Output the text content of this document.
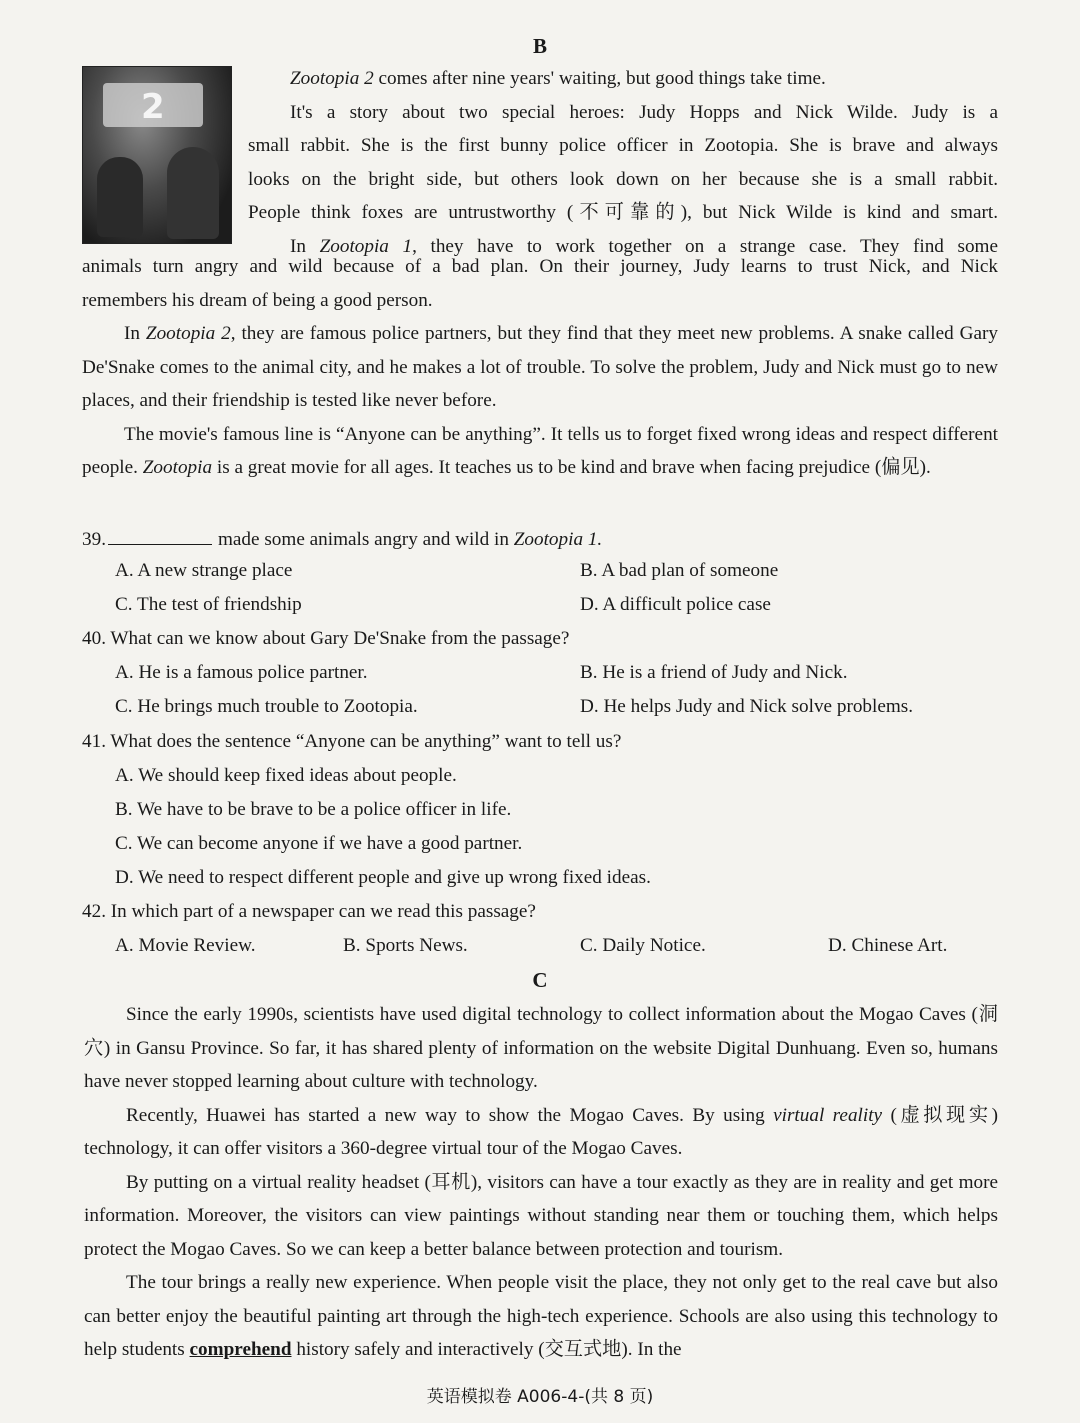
B
2

Zootopia 2 comes after nine years' waiting, but good things take time.

It's a story about two special heroes: Judy Hopps and Nick Wilde. Judy is a

small rabbit. She is the first bunny police officer in Zootopia. She is brave and always

looks on the bright side, but others look down on her because she is a small rabbit.

People think foxes are untrustworthy (不可靠的), but Nick Wilde is kind and smart.

In Zootopia 1, they have to work together on a strange case. They find some

animals turn angry and wild because of a bad plan. On their journey, Judy learns to trust Nick, and Nick

remembers his dream of being a good person.

In Zootopia 2, they are famous police partners, but they find that they meet new problems. A snake called Gary De'Snake comes to the animal city, and he makes a lot of trouble. To solve the problem, Judy and Nick must go to new places, and their friendship is tested like never before.

The movie's famous line is “Anyone can be anything”. It tells us to forget fixed wrong ideas and respect different people. Zootopia is a great movie for all ages. It teaches us to be kind and brave when facing prejudice (偏见).

39.	made some animals angry and wild in Zootopia 1.
A. A new strange place	B. A bad plan of someone
C. The test of friendship	D. A difficult police case
40. What can we know about Gary De'Snake from the passage?
A. He is a famous police partner.	B. He is a friend of Judy and Nick.
C. He brings much trouble to Zootopia.	D. He helps Judy and Nick solve problems.
41. What does the sentence “Anyone can be anything” want to tell us?
A. We should keep fixed ideas about people.
B. We have to be brave to be a police officer in life.
C. We can become anyone if we have a good partner.
D. We need to respect different people and give up wrong fixed ideas.
42. In which part of a newspaper can we read this passage?
A. Movie Review.	B. Sports News.	C. Daily Notice.	D. Chinese Art.
C

Since the early 1990s, scientists have used digital technology to collect information about the Mogao Caves (洞穴) in Gansu Province. So far, it has shared plenty of information on the website Digital Dunhuang. Even so, humans have never stopped learning about culture with technology.

Recently, Huawei has started a new way to show the Mogao Caves. By using virtual reality (虚拟现实) technology, it can offer visitors a 360-degree virtual tour of the Mogao Caves.

By putting on a virtual reality headset (耳机), visitors can have a tour exactly as they are in reality and get more information. Moreover, the visitors can view paintings without standing near them or touching them, which helps protect the Mogao Caves. So we can keep a better balance between protection and tourism.

The tour brings a really new experience. When people visit the place, they not only get to the real cave but also can better enjoy the beautiful painting art through the high-tech experience. Schools are also using this technology to help students comprehend history safely and interactively (交互式地). In the

英语模拟卷 A006-4-(共 8 页)
